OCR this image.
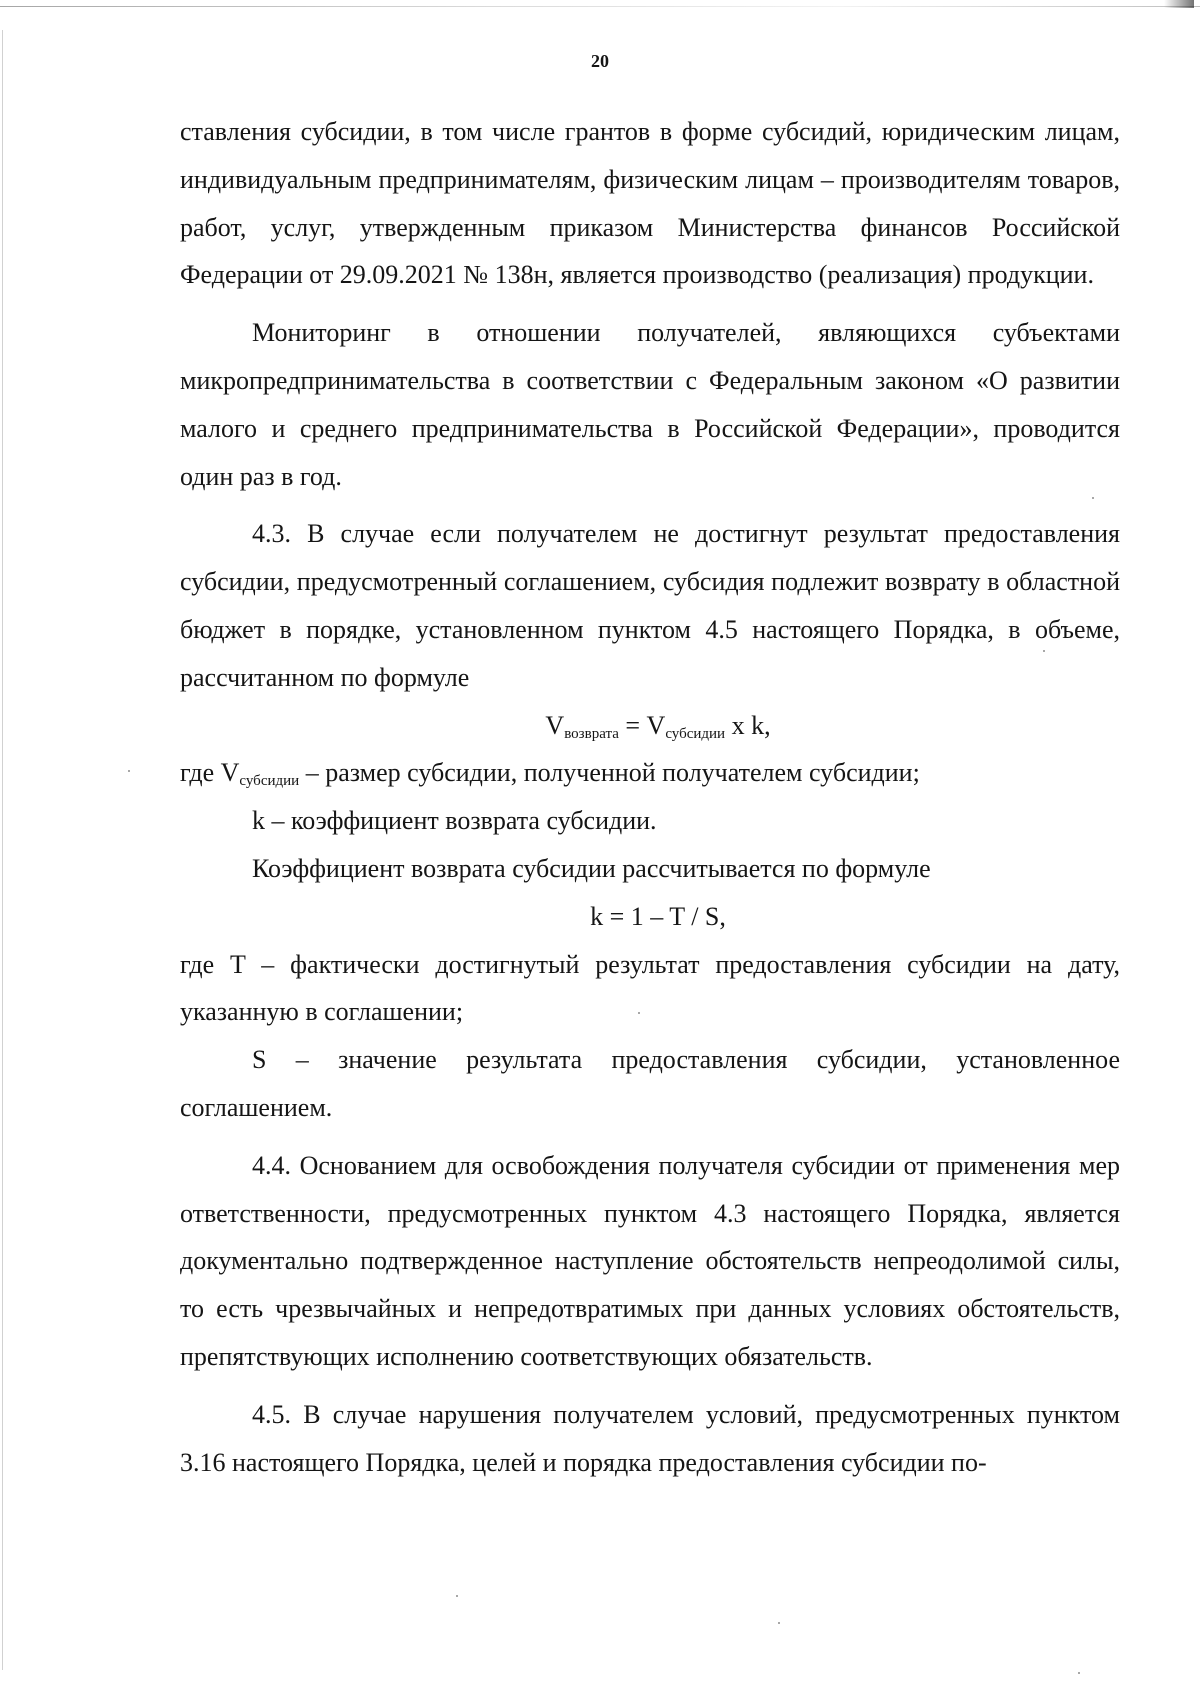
20

ставления субсидии, в том числе грантов в форме субсидий, юридическим лицам, индивидуальным предпринимателям, физическим лицам – производителям товаров, работ, услуг, утвержденным приказом Министерства финансов Российской Федерации от 29.09.2021 № 138н, является производство (реализация) продукции.

Мониторинг в отношении получателей, являющихся субъектами микропредпринимательства в соответствии с Федеральным законом «О развитии малого и среднего предпринимательства в Российской Федерации», проводится один раз в год.

4.3. В случае если получателем не достигнут результат предоставления субсидии, предусмотренный соглашением, субсидия подлежит возврату в областной бюджет в порядке, установленном пунктом 4.5 настоящего Порядка, в объеме, рассчитанном по формуле

$V_{возврата} = V_{субсидии}$ x k,

где $V_{субсидии}$ – размер субсидии, полученной получателем субсидии;

k – коэффициент возврата субсидии.

Коэффициент возврата субсидии рассчитывается по формуле

k = 1 – T / S,

где T – фактически достигнутый результат предоставления субсидии на дату, указанную в соглашении;

S – значение результата предоставления субсидии, установленное соглашением.

4.4. Основанием для освобождения получателя субсидии от применения мер ответственности, предусмотренных пунктом 4.3 настоящего Порядка, является документально подтвержденное наступление обстоятельств непреодолимой силы, то есть чрезвычайных и непредотвратимых при данных условиях обстоятельств, препятствующих исполнению соответствующих обязательств.

4.5. В случае нарушения получателем условий, предусмотренных пунктом 3.16 настоящего Порядка, целей и порядка предоставления субсидии по-
